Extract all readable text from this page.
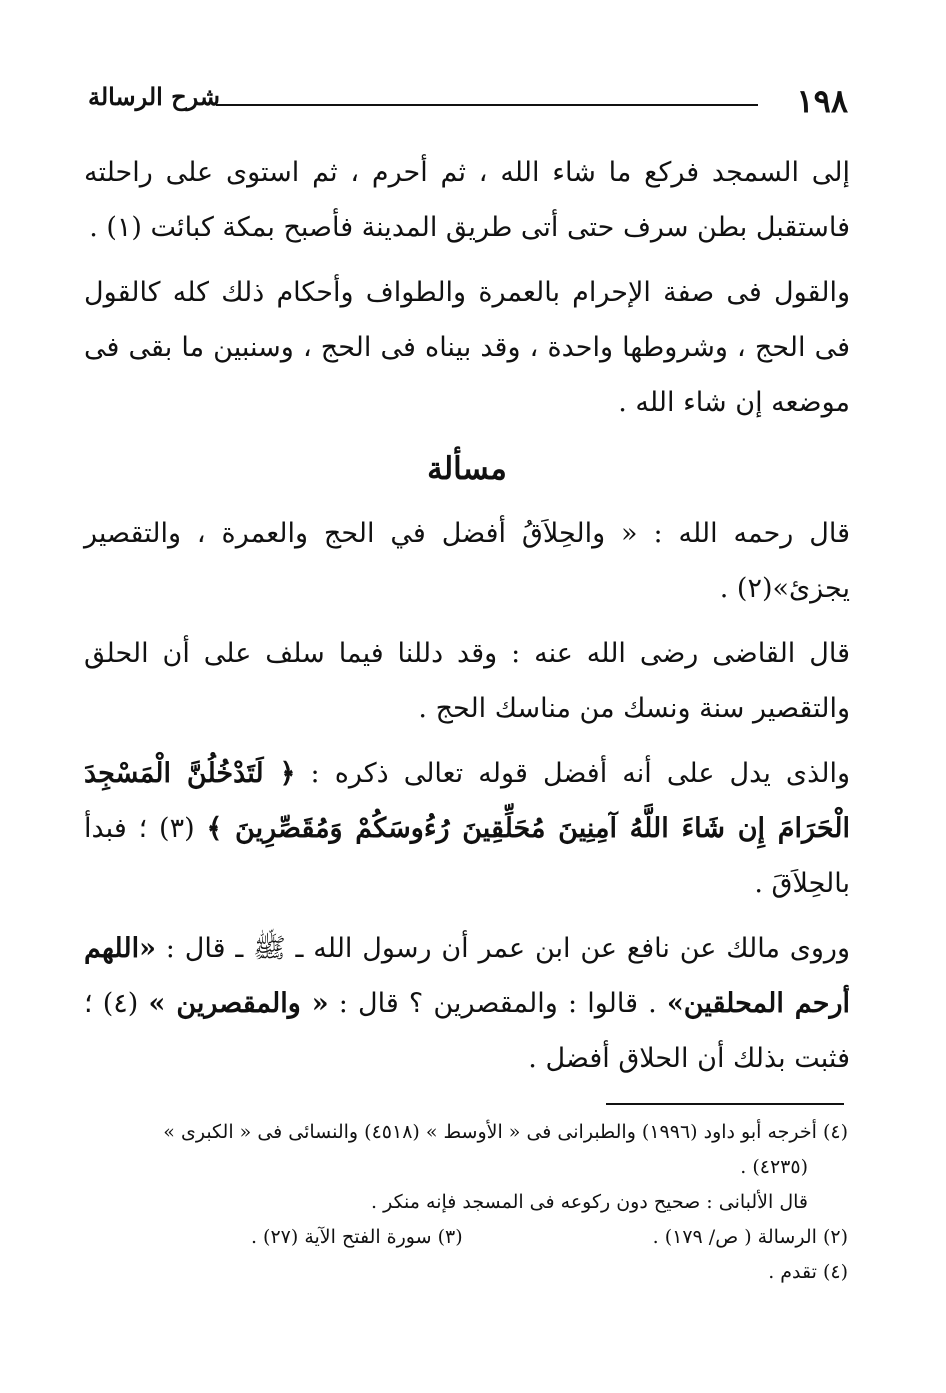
١٩٨
شرح الرسالة

إلى السمجد فركع ما شاء الله ، ثم أحرم ، ثم استوى على راحلته فاستقبل بطن سرف حتى أتى طريق المدينة فأصبح بمكة كبائت (١) .

والقول فى صفة الإحرام بالعمرة والطواف وأحكام ذلك كله كالقول فى الحج ، وشروطها واحدة ، وقد بيناه فى الحج ، وسنبين ما بقى فى موضعه إن شاء الله .

مسألة

قال رحمه الله : « والحِلاَقُ أفضل في الحج والعمرة ، والتقصير يجزئ»(٢) .

قال القاضى رضى الله عنه : وقد دللنا فيما سلف على أن الحلق والتقصير سنة ونسك من مناسك الحج .

والذى يدل على أنه أفضل قوله تعالى ذكره : ﴿ لَتَدْخُلُنَّ الْمَسْجِدَ الْحَرَامَ إِن شَاءَ اللَّهُ آمِنِينَ مُحَلِّقِينَ رُءُوسَكُمْ وَمُقَصِّرِينَ ﴾ (٣) ؛ فبدأ بالحِلاَقَ .

وروى مالك عن نافع عن ابن عمر أن رسول الله ـ ﷺ ـ قال : «اللهم أرحم المحلقين» . قالوا : والمقصرين ؟ قال : « والمقصرين » (٤) ؛ فثبت بذلك أن الحلاق أفضل .

(٤) أخرجه أبو داود (١٩٩٦) والطبرانى فى « الأوسط » (٤٥١٨) والنسائى فى « الكبرى »
(٤٢٣٥) .
قال الألبانى : صحيح دون ركوعه فى المسجد فإنه منكر .
(٢) الرسالة ( ص/ ١٧٩) .
(٣) سورة الفتح الآية (٢٧) .
(٤) تقدم .
